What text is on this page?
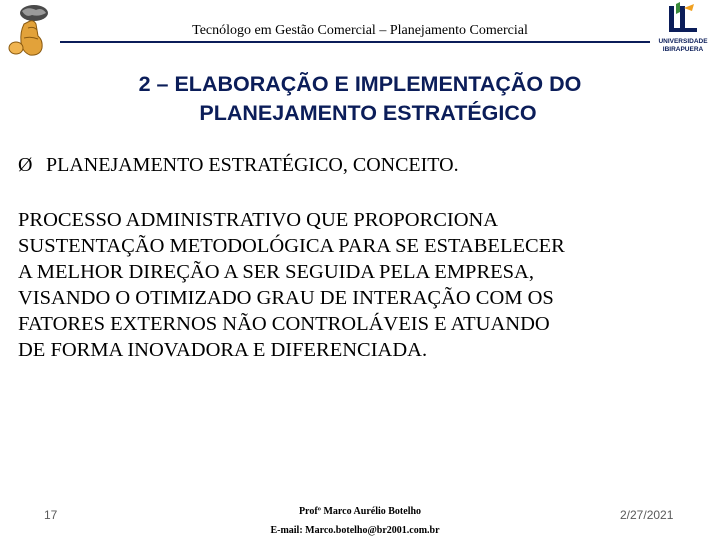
UNIVERSIDADE
IBIRAPUERA
Tecnólogo em Gestão Comercial – Planejamento Comercial
2 – ELABORAÇÃO E IMPLEMENTAÇÃO DO
PLANEJAMENTO ESTRATÉGICO
Ø PLANEJAMENTO ESTRATÉGICO, CONCEITO.
PROCESSO ADMINISTRATIVO QUE PROPORCIONA
SUSTENTAÇÃO METODOLÓGICA PARA SE ESTABELECER
A MELHOR DIREÇÃO A SER SEGUIDA PELA EMPRESA,
VISANDO O OTIMIZADO GRAU DE INTERAÇÃO COM OS
FATORES EXTERNOS NÃO CONTROLÁVEIS E ATUANDO
DE FORMA INOVADORA E DIFERENCIADA.
17	Profº Marco Aurélio Botelho
E-mail: Marco.botelho@br2001.com.br
2/27/2021
